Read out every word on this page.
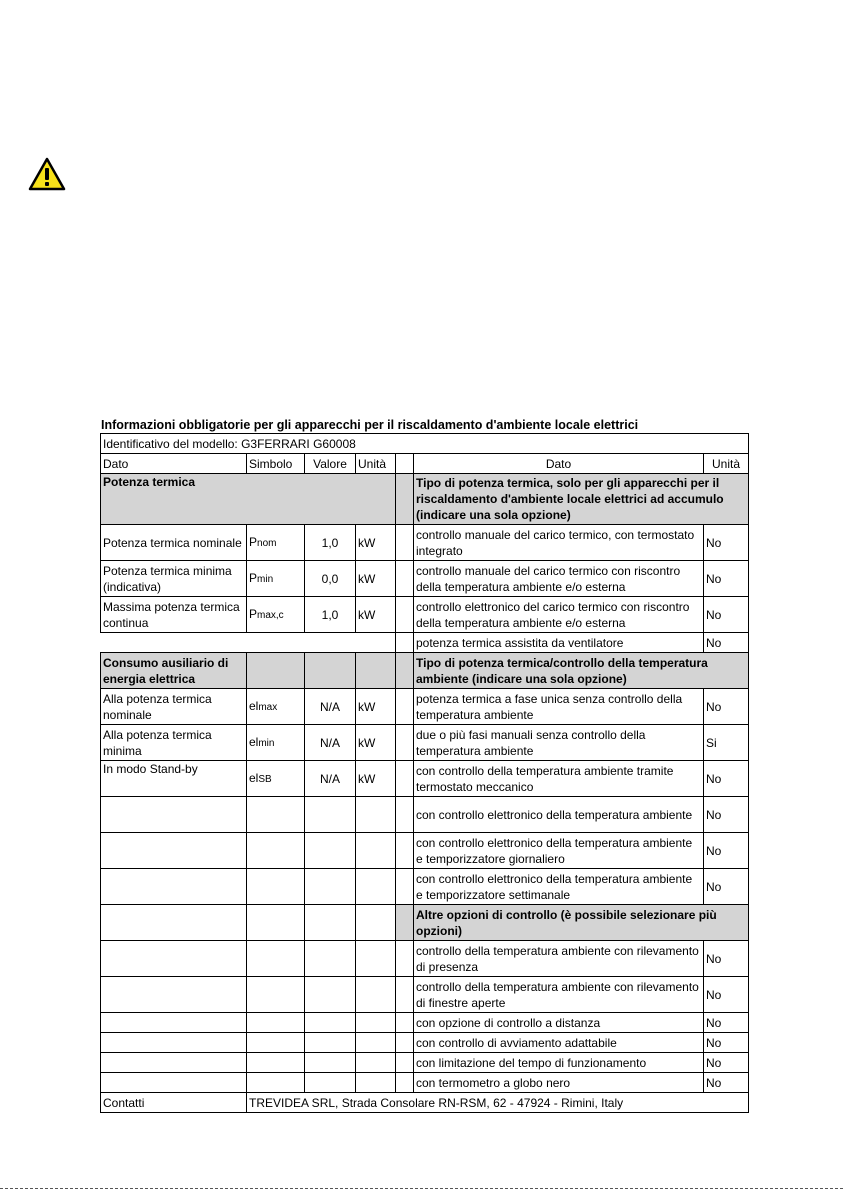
Informazioni obbligatorie per gli apparecchi per il riscaldamento d'ambiente locale elettrici
Identificativo del modello: G3FERRARI G60008						
Dato	Simbolo	Valore	Unità		Dato	Unità
Potenza termica					Tipo di potenza termica, solo per gli apparecchi per il riscaldamento d'ambiente locale elettrici ad accumulo (indicare una sola opzione)	
Potenza termica nominale	Pnom	1,0	kW		controllo manuale del carico termico, con termostato integrato	No
Potenza termica minima (indicativa)	Pmin	0,0	kW		controllo manuale del carico termico con riscontro della temperatura ambiente e/o esterna	No
Massima potenza termica continua	Pmax,c	1,0	kW		controllo elettronico del carico termico con riscontro della temperatura ambiente e/o esterna	No
					potenza termica assistita da ventilatore	No
Consumo ausiliario di energia elettrica					Tipo di potenza termica/controllo della temperatura ambiente (indicare una sola opzione)	
Alla potenza termica nominale	elmax	N/A	kW		potenza termica a fase unica senza controllo della temperatura ambiente	No
Alla potenza termica minima	elmin	N/A	kW		due o più fasi manuali senza controllo della temperatura ambiente	Si
In modo Stand-by	elSB	N/A	kW		con controllo della temperatura ambiente tramite termostato meccanico	No
					con controllo elettronico della temperatura ambiente	No
					con controllo elettronico della temperatura ambiente e temporizzatore giornaliero	No
					con controllo elettronico della temperatura ambiente e temporizzatore settimanale	No
					Altre opzioni di controllo (è possibile selezionare più opzioni)	
					controllo della temperatura ambiente con rilevamento di presenza	No
					controllo della temperatura ambiente con rilevamento di finestre aperte	No
					con opzione di controllo a distanza	No
					con controllo di avviamento adattabile	No
					con limitazione del tempo di funzionamento	No
					con termometro a globo nero	No
Contatti	TREVIDEA SRL, Strada Consolare RN-RSM, 62 - 47924 - Rimini, Italy					
